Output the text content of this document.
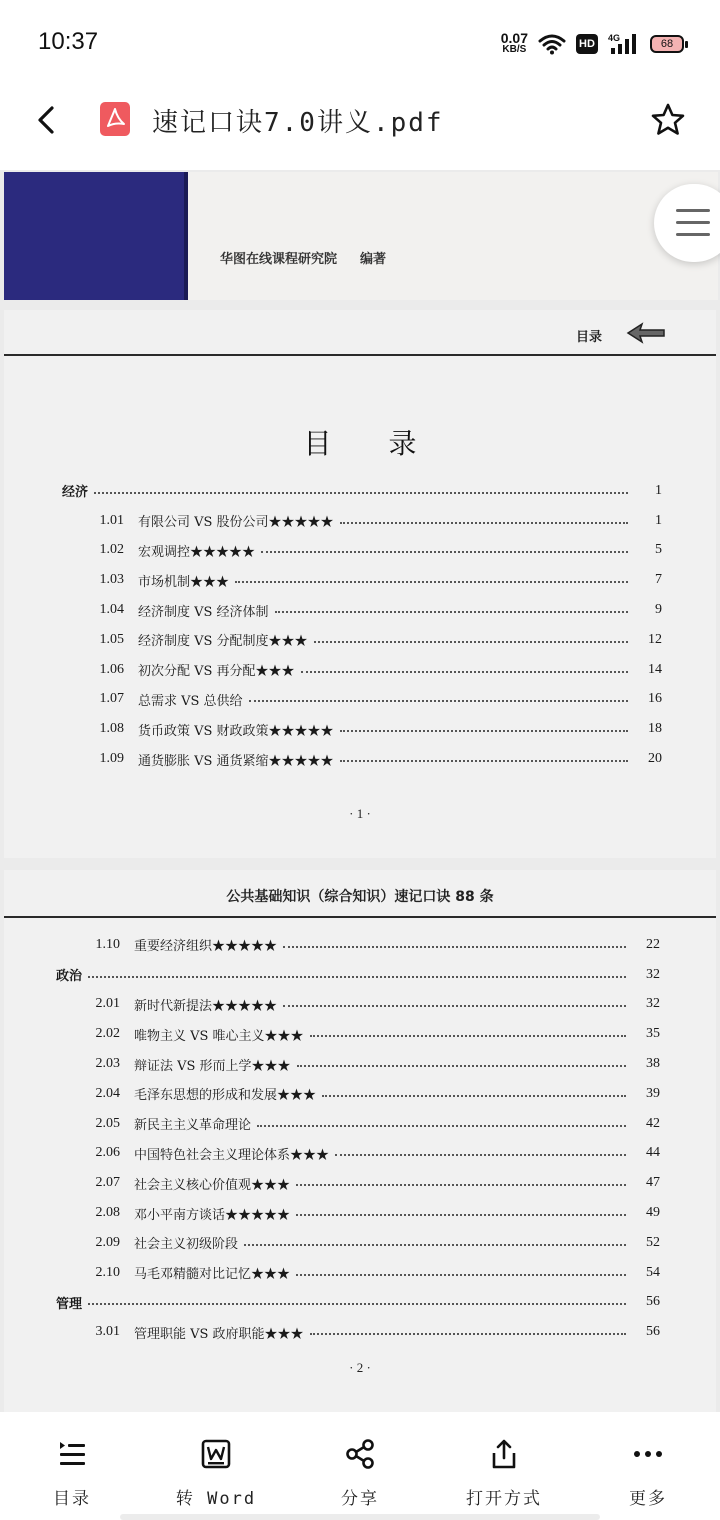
10:37	0.07
KB/S	HD	4G	68
速记口诀7.0讲义.pdf
华图在线课程研究院 编著
目录
目 录
经济	1
1.01 有限公司 VS 股份公司★★★★★	1
1.02 宏观调控★★★★★	5
1.03 市场机制★★★	7
1.04 经济制度 VS 经济体制	9
1.05 经济制度 VS 分配制度★★★	12
1.06 初次分配 VS 再分配★★★	14
1.07 总需求 VS 总供给	16
1.08 货币政策 VS 财政政策★★★★★	18
1.09 通货膨胀 VS 通货紧缩★★★★★	20
· 1 ·
公共基础知识（综合知识）速记口诀 88 条
1.10 重要经济组织★★★★★	22
政治	32
2.01 新时代新提法★★★★★	32
2.02 唯物主义 VS 唯心主义★★★	35
2.03 辩证法 VS 形而上学★★★	38
2.04 毛泽东思想的形成和发展★★★	39
2.05 新民主主义革命理论	42
2.06 中国特色社会主义理论体系★★★	44
2.07 社会主义核心价值观★★★	47
2.08 邓小平南方谈话★★★★★	49
2.09 社会主义初级阶段	52
2.10 马毛邓精髓对比记忆★★★	54
管理	56
3.01 管理职能 VS 政府职能★★★	56
· 2 ·
目录	转 Word	分享	打开方式	更多
